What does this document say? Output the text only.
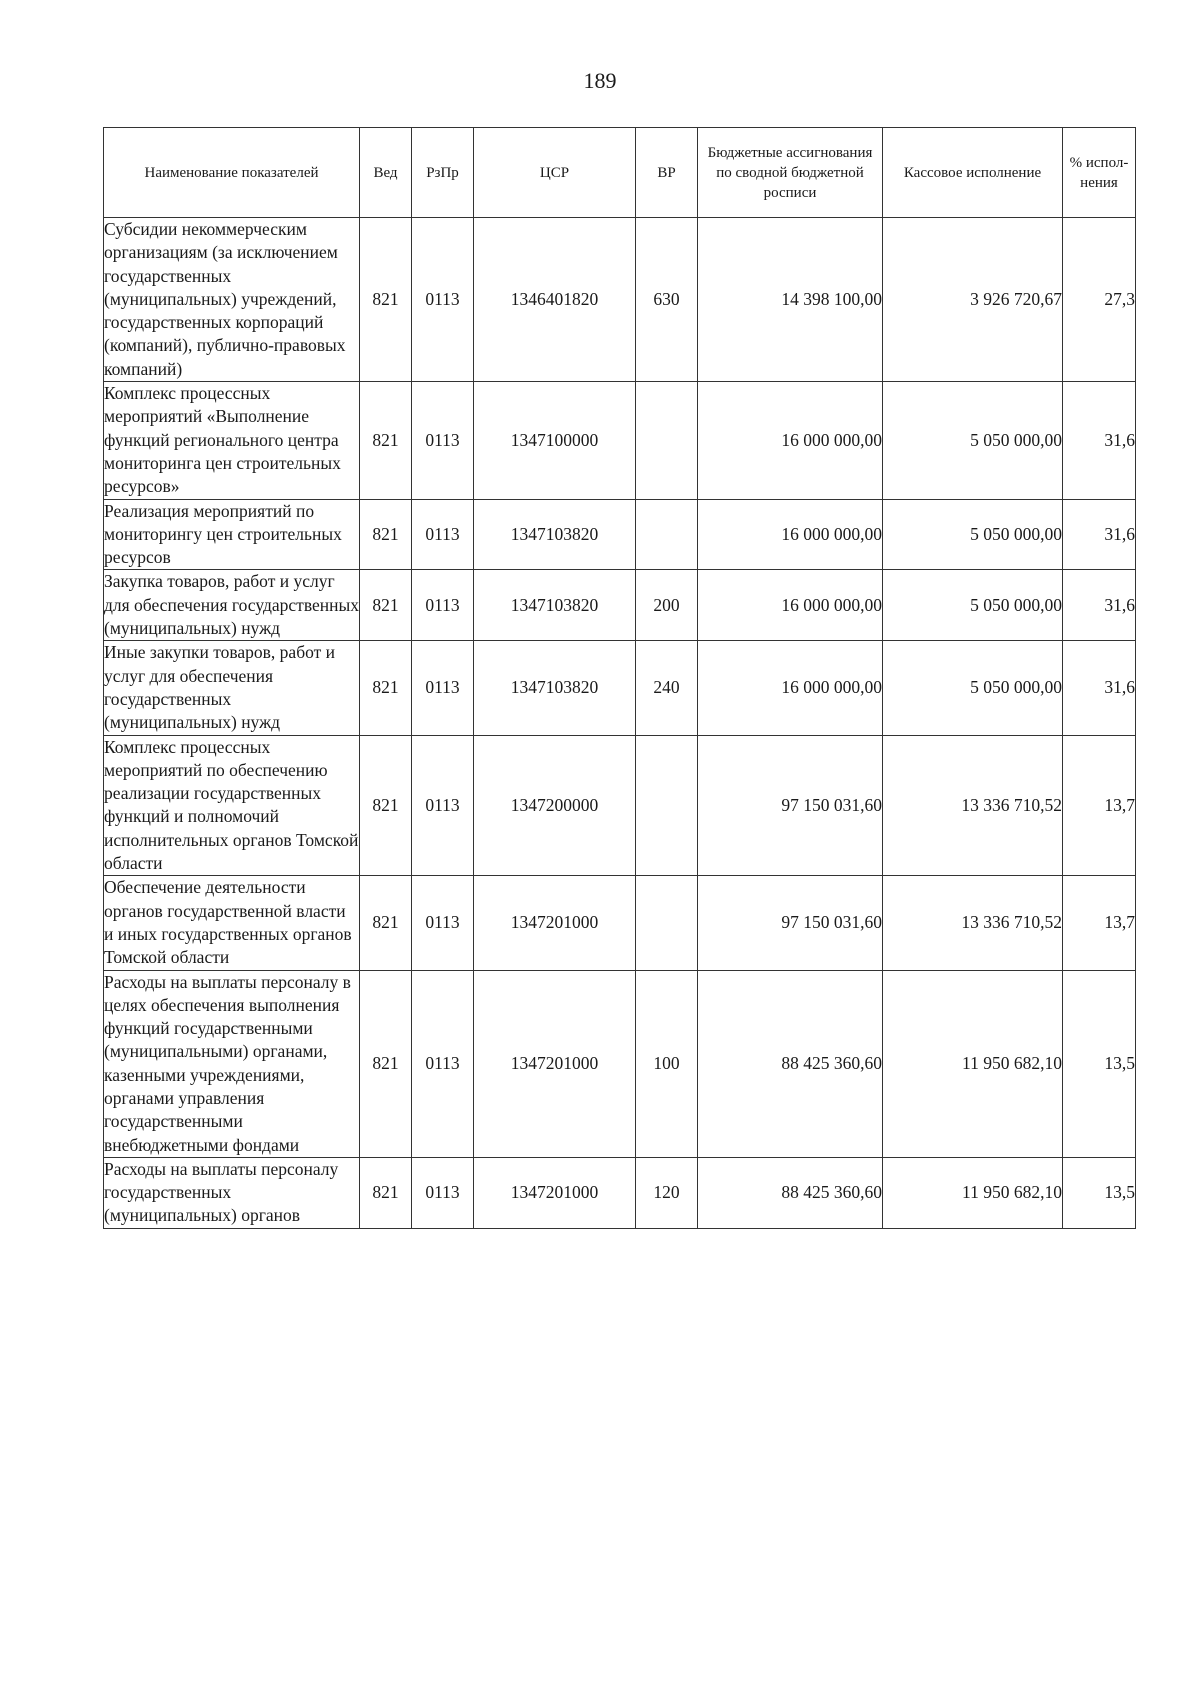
189
Наименование показателей	Вед	РзПр	ЦСР	ВР	Бюджетные ассигнования по сводной бюджетной росписи	Кассовое исполнение	% испол- нения
Субсидии некоммерческим организациям (за исключением государственных (муниципальных) учреждений, государственных корпораций (компаний), публично-правовых компаний)	821	0113	1346401820	630	14 398 100,00	3 926 720,67	27,3
Комплекс процессных мероприятий «Выполнение функций регионального центра мониторинга цен строительных ресурсов»	821	0113	1347100000		16 000 000,00	5 050 000,00	31,6
Реализация мероприятий по мониторингу цен строительных ресурсов	821	0113	1347103820		16 000 000,00	5 050 000,00	31,6
Закупка товаров, работ и услуг для обеспечения государственных (муниципальных) нужд	821	0113	1347103820	200	16 000 000,00	5 050 000,00	31,6
Иные закупки товаров, работ и услуг для обеспечения государственных (муниципальных) нужд	821	0113	1347103820	240	16 000 000,00	5 050 000,00	31,6
Комплекс процессных мероприятий по обеспечению реализации государственных функций и полномочий исполнительных органов Томской области	821	0113	1347200000		97 150 031,60	13 336 710,52	13,7
Обеспечение деятельности органов государственной власти и иных государственных органов Томской области	821	0113	1347201000		97 150 031,60	13 336 710,52	13,7
Расходы на выплаты персоналу в целях обеспечения выполнения функций государственными (муниципальными) органами, казенными учреждениями, органами управления государственными внебюджетными фондами	821	0113	1347201000	100	88 425 360,60	11 950 682,10	13,5
Расходы на выплаты персоналу государственных (муниципальных) органов	821	0113	1347201000	120	88 425 360,60	11 950 682,10	13,5
